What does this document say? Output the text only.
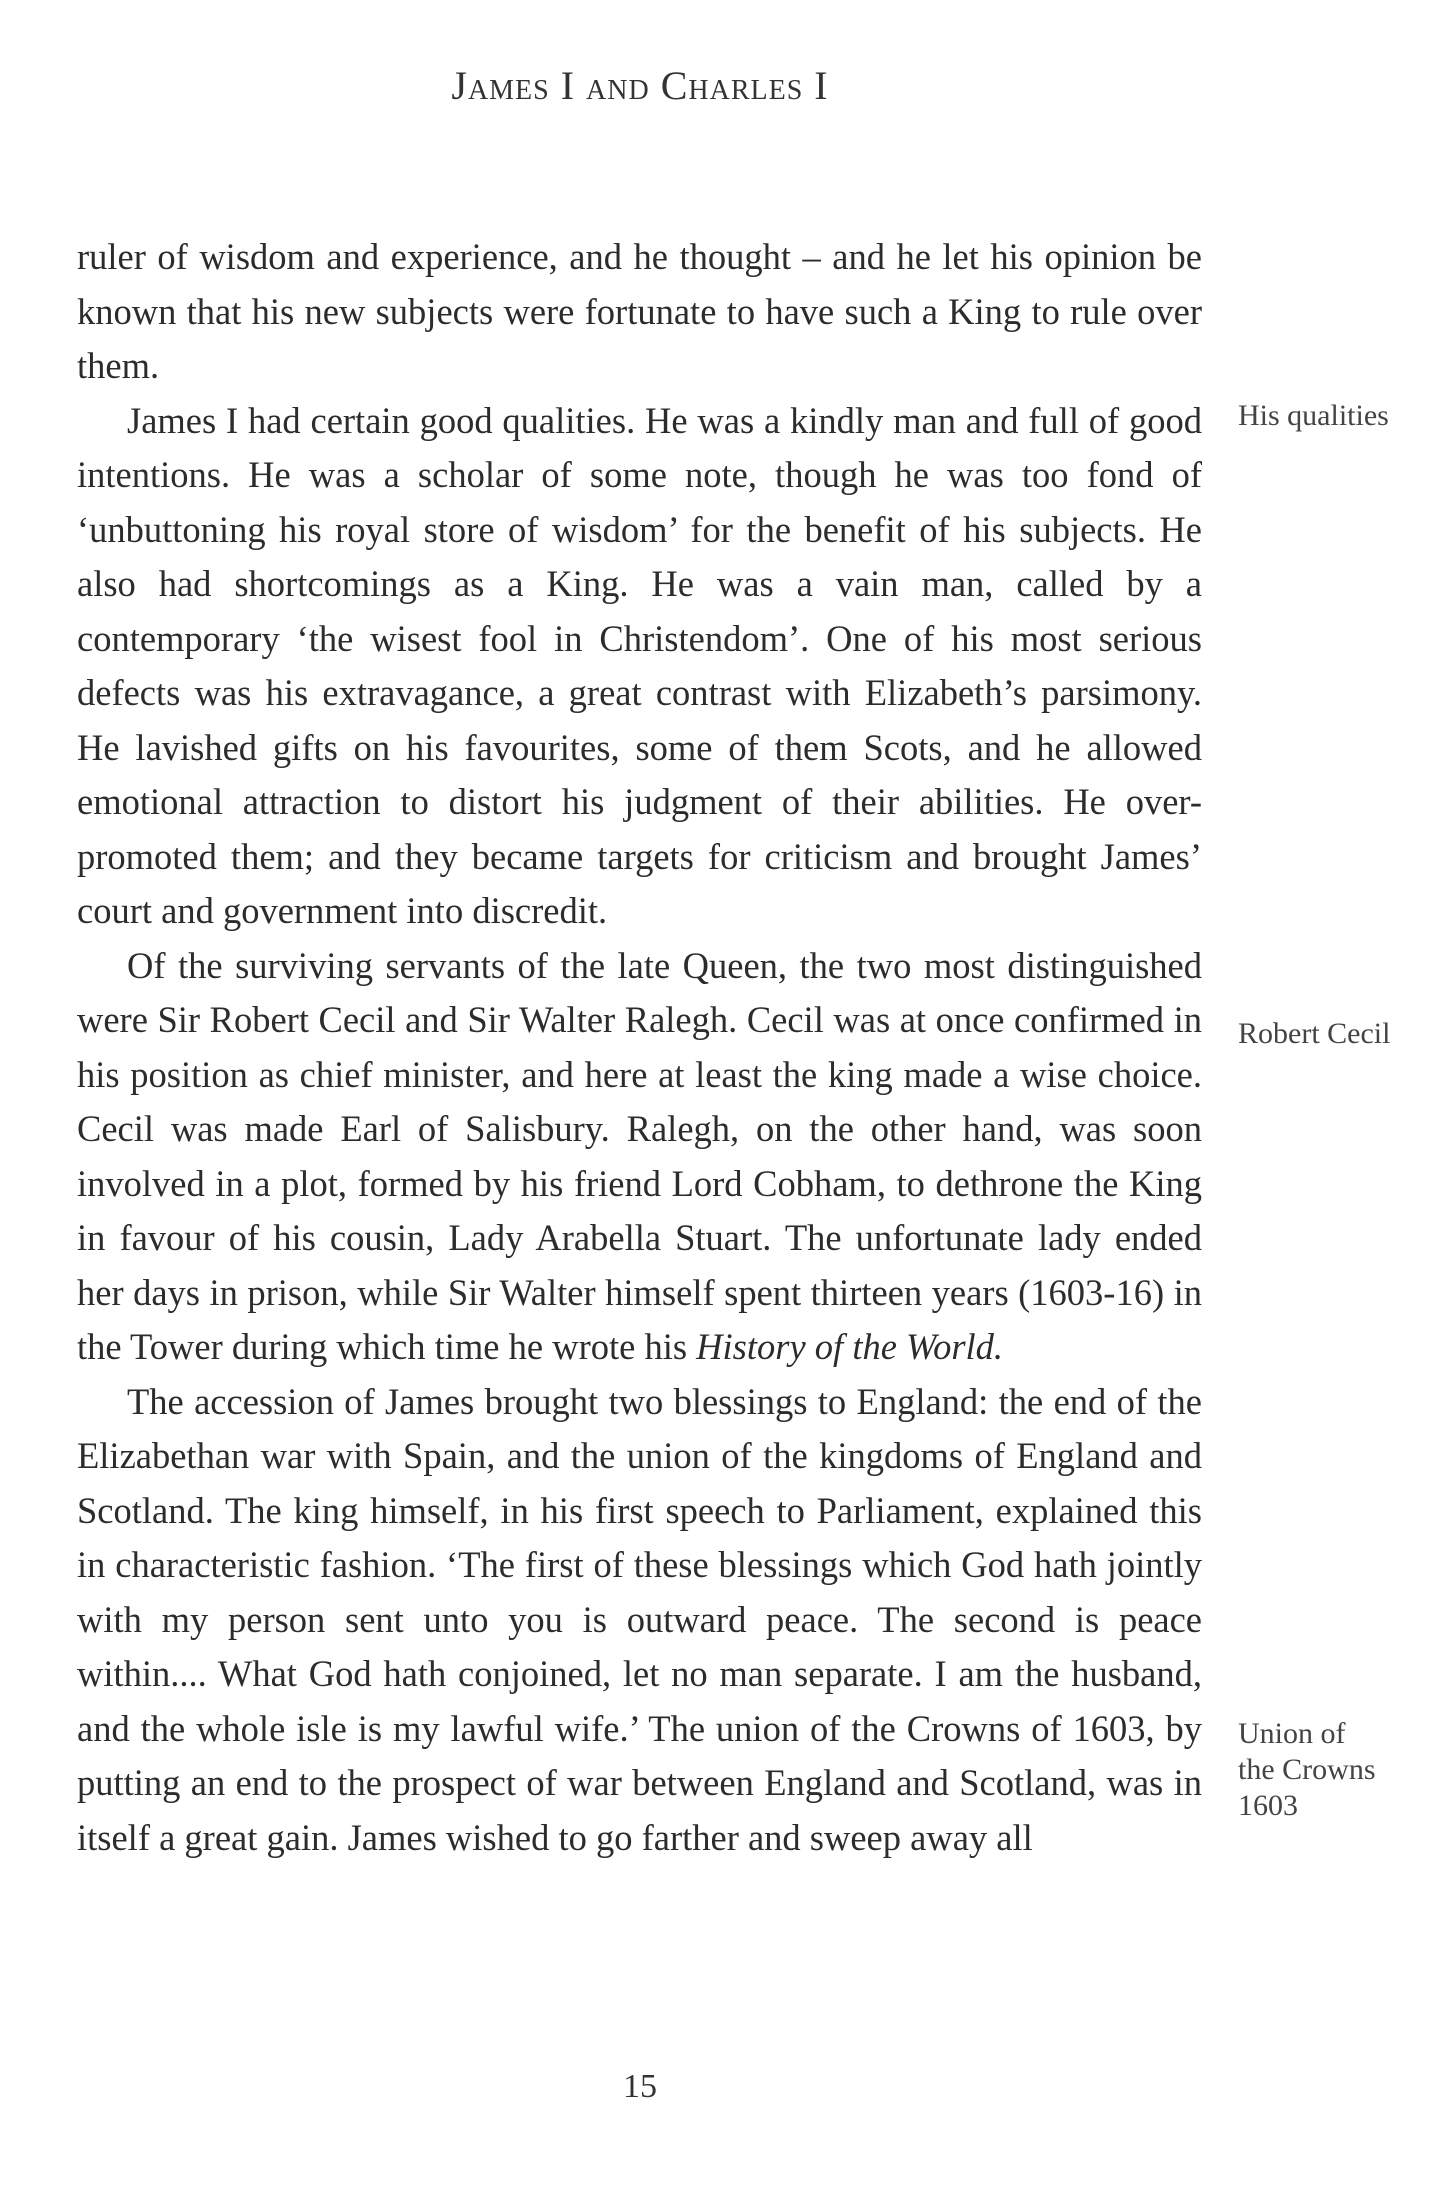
James I and Charles I

ruler of wisdom and experience, and he thought – and he let his opinion be known that his new subjects were fortunate to have such a King to rule over them.

James I had certain good qualities. He was a kindly man and full of good intentions. He was a scholar of some note, though he was too fond of ‘unbuttoning his royal store of wisdom’ for the benefit of his subjects. He also had shortcomings as a King. He was a vain man, called by a contemporary ‘the wisest fool in Christendom’. One of his most serious defects was his extravagance, a great contrast with Elizabeth’s parsimony. He lavished gifts on his favourites, some of them Scots, and he allowed emotional attraction to distort his judgment of their abilities. He over-promoted them; and they became targets for criticism and brought James’ court and government into discredit.

Of the surviving servants of the late Queen, the two most distinguished were Sir Robert Cecil and Sir Walter Ralegh. Cecil was at once confirmed in his position as chief minister, and here at least the king made a wise choice. Cecil was made Earl of Salisbury. Ralegh, on the other hand, was soon involved in a plot, formed by his friend Lord Cobham, to dethrone the King in favour of his cousin, Lady Arabella Stuart. The unfortunate lady ended her days in prison, while Sir Walter himself spent thirteen years (1603-16) in the Tower during which time he wrote his History of the World.

The accession of James brought two blessings to England: the end of the Elizabethan war with Spain, and the union of the kingdoms of England and Scotland. The king himself, in his first speech to Parliament, explained this in characteristic fashion. ‘The first of these blessings which God hath jointly with my person sent unto you is outward peace. The second is peace within.... What God hath conjoined, let no man separate. I am the husband, and the whole isle is my lawful wife.’ The union of the Crowns of 1603, by putting an end to the prospect of war between England and Scotland, was in itself a great gain. James wished to go farther and sweep away all

His qualities
Robert Cecil
Union of
the Crowns
1603
15
